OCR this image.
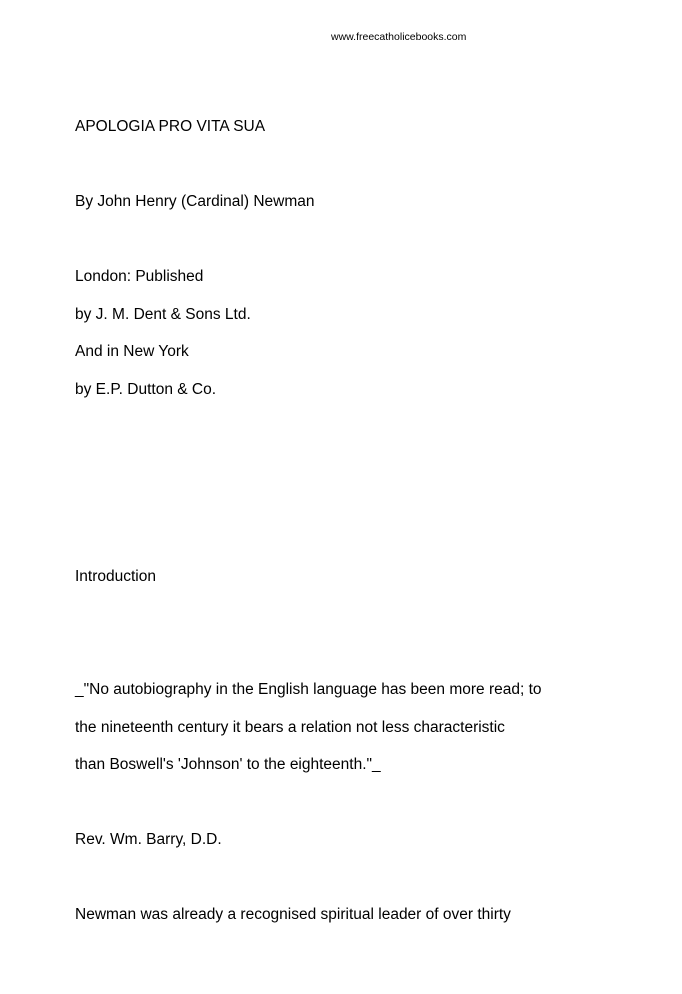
www.freecatholicebooks.com

APOLOGIA PRO VITA SUA

By John Henry (Cardinal) Newman

London: Published

by J. M. Dent & Sons Ltd.

And in New York

by E.P. Dutton & Co.

Introduction

_"No autobiography in the English language has been more read; to

the nineteenth century it bears a relation not less characteristic

than Boswell's 'Johnson' to the eighteenth."_

Rev. Wm. Barry, D.D.

Newman was already a recognised spiritual leader of over thirty
